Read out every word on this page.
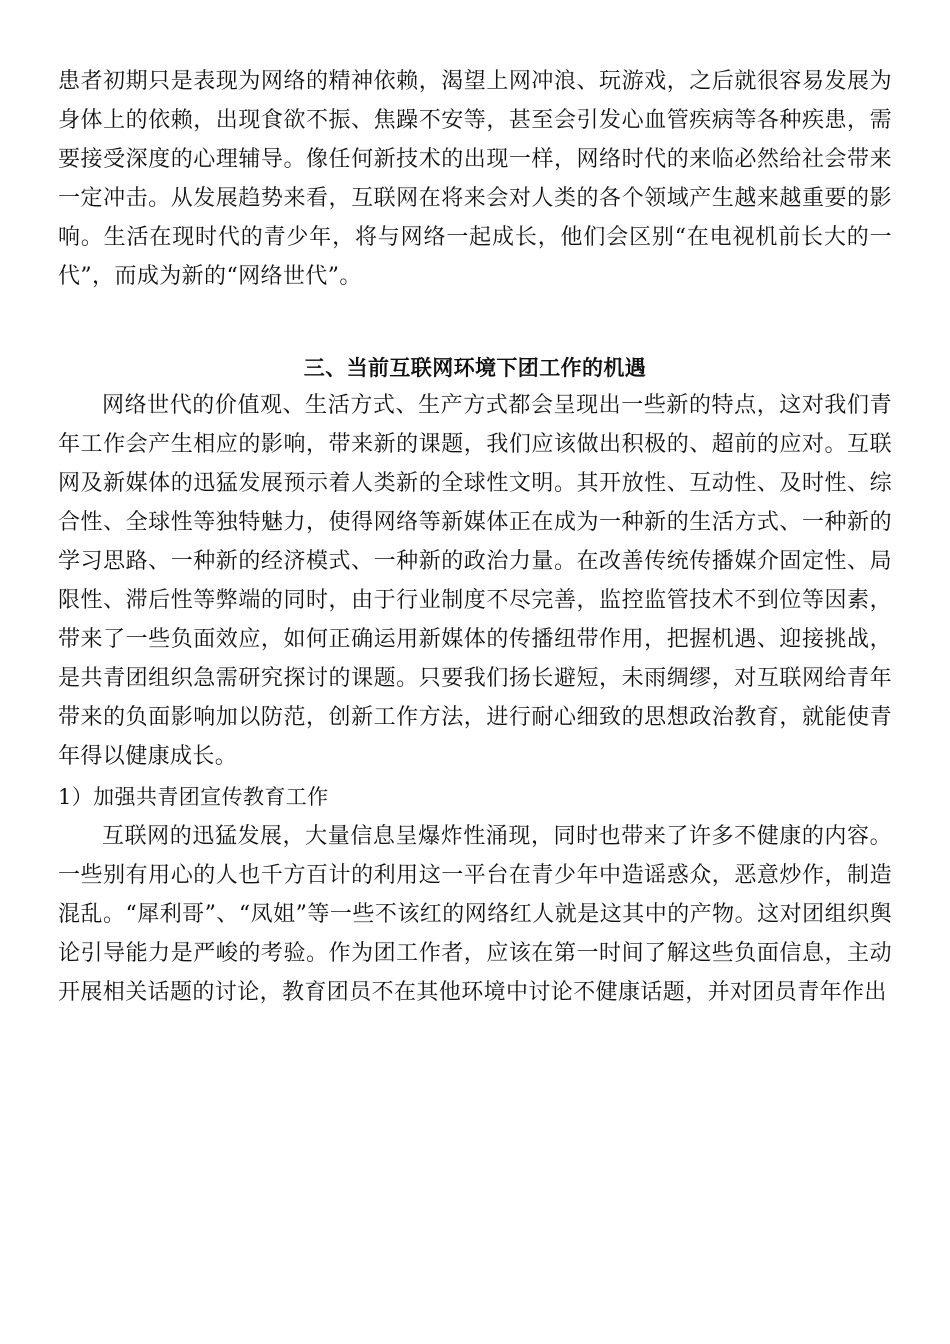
患者初期只是表现为网络的精神依赖，渴望上网冲浪、玩游戏，之后就很容易发展为身体上的依赖，出现食欲不振、焦躁不安等，甚至会引发心血管疾病等各种疾患，需要接受深度的心理辅导。像任何新技术的出现一样，网络时代的来临必然给社会带来一定冲击。从发展趋势来看，互联网在将来会对人类的各个领域产生越来越重要的影响。生活在现时代的青少年，将与网络一起成长，他们会区别“在电视机前长大的一代”，而成为新的“网络世代”。

三、当前互联网环境下团工作的机遇

网络世代的价值观、生活方式、生产方式都会呈现出一些新的特点，这对我们青年工作会产生相应的影响，带来新的课题，我们应该做出积极的、超前的应对。互联网及新媒体的迅猛发展预示着人类新的全球性文明。其开放性、互动性、及时性、综合性、全球性等独特魅力，使得网络等新媒体正在成为一种新的生活方式、一种新的学习思路、一种新的经济模式、一种新的政治力量。在改善传统传播媒介固定性、局限性、滞后性等弊端的同时，由于行业制度不尽完善，监控监管技术不到位等因素，带来了一些负面效应，如何正确运用新媒体的传播纽带作用，把握机遇、迎接挑战，是共青团组织急需研究探讨的课题。只要我们扬长避短，未雨绸缪，对互联网给青年带来的负面影响加以防范，创新工作方法，进行耐心细致的思想政治教育，就能使青年得以健康成长。

1）加强共青团宣传教育工作

互联网的迅猛发展，大量信息呈爆炸性涌现，同时也带来了许多不健康的内容。一些别有用心的人也千方百计的利用这一平台在青少年中造谣惑众，恶意炒作，制造混乱。“犀利哥”、“凤姐”等一些不该红的网络红人就是这其中的产物。这对团组织舆论引导能力是严峻的考验。作为团工作者，应该在第一时间了解这些负面信息，主动开展相关话题的讨论，教育团员不在其他环境中讨论不健康话题，并对团员青年作出
